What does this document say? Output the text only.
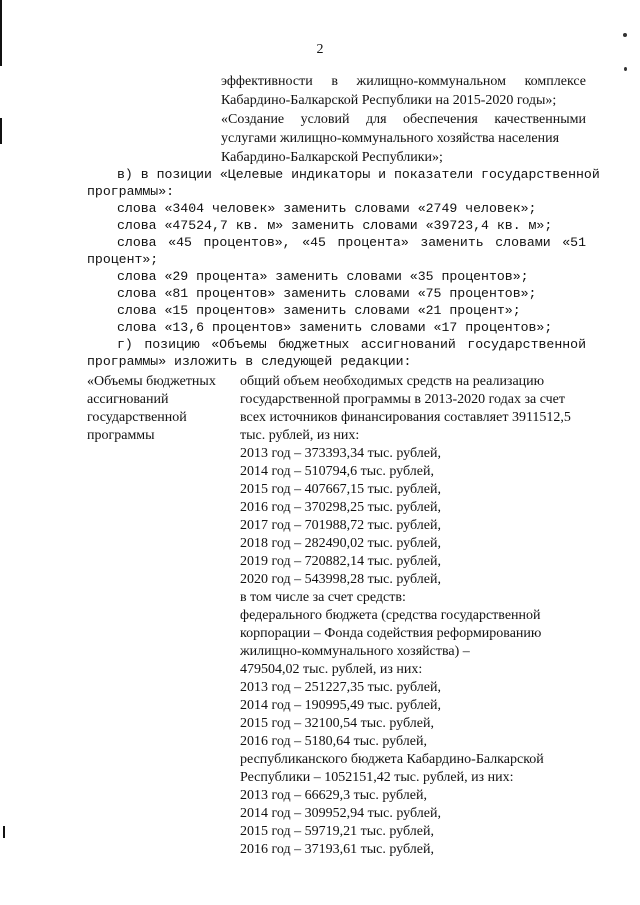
2
эффективности в жилищно-коммунальном комплексе
Кабардино-Балкарской Республики на 2015-2020 годы»;
«Создание условий для обеспечения качественными
услугами жилищно-коммунального хозяйства населения
Кабардино-Балкарской Республики»;
в) в позиции «Целевые индикаторы и показатели государственной
программы»:
слова «3404 человек» заменить словами «2749 человек»;
слова «47524,7 кв. м» заменить словами «39723,4 кв. м»;
слова «45 процентов», «45 процента» заменить словами «51
процент»;
слова «29 процента» заменить словами «35 процентов»;
слова «81 процентов» заменить словами «75 процентов»;
слова «15 процентов» заменить словами «21 процент»;
слова «13,6 процентов» заменить словами «17 процентов»;
г) позицию «Объемы бюджетных ассигнований государственной
программы» изложить в следующей редакции:
«Объемы бюджетных
ассигнований
государственной
программы
общий объем необходимых средств на реализацию
государственной программы в 2013-2020 годах за счет
всех источников финансирования составляет 3911512,5
тыс. рублей, из них:
2013 год – 373393,34 тыс. рублей,
2014 год – 510794,6 тыс. рублей,
2015 год – 407667,15 тыс. рублей,
2016 год – 370298,25 тыс. рублей,
2017 год – 701988,72 тыс. рублей,
2018 год – 282490,02 тыс. рублей,
2019 год – 720882,14 тыс. рублей,
2020 год – 543998,28 тыс. рублей,
в том числе за счет средств:
федерального бюджета (средства государственной
корпорации – Фонда содействия реформированию
жилищно-коммунального хозяйства) –
479504,02 тыс. рублей, из них:
2013 год – 251227,35 тыс. рублей,
2014 год – 190995,49 тыс. рублей,
2015 год – 32100,54 тыс. рублей,
2016 год – 5180,64 тыс. рублей,
республиканского бюджета Кабардино-Балкарской
Республики – 1052151,42 тыс. рублей, из них:
2013 год – 66629,3 тыс. рублей,
2014 год – 309952,94 тыс. рублей,
2015 год – 59719,21 тыс. рублей,
2016 год – 37193,61 тыс. рублей,
